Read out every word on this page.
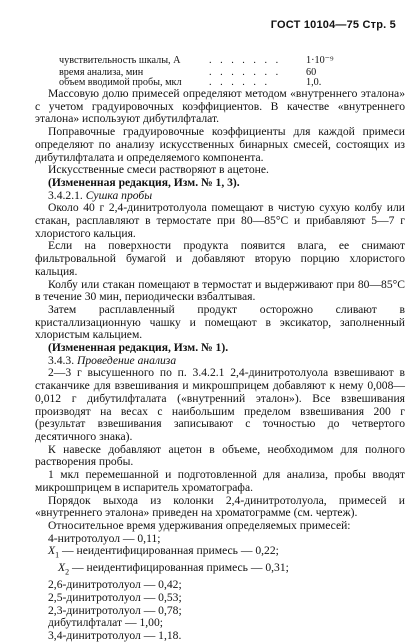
ГОСТ 10104—75 Стр. 5
чувствительность шкалы, А	. . . . . . . 1·10⁻⁹
время анализа, мин	. . . . . . . 60
объем вводимой пробы, мкл	. . . . . .	1,0.

Массовую долю примесей определяют методом «внутреннего эталона» с учетом градуировочных коэффициентов. В качестве «внутреннего эталона» используют дибутилфталат.

Поправочные градуировочные коэффициенты для каждой примеси определяют по анализу искусственных бинарных смесей, состоящих из дибутилфталата и определяемого компонента.

Искусственные смеси растворяют в ацетоне.

(Измененная редакция, Изм. № 1, 3).

3.4.2.1. Сушка пробы

Около 40 г 2,4-динитротолуола помещают в чистую сухую колбу или стакан, расплавляют в термостате при 80—85°С и прибавляют 5—7 г хлористого кальция.

Если на поверхности продукта появится влага, ее снимают фильтровальной бумагой и добавляют вторую порцию хлористого кальция.

Колбу или стакан помещают в термостат и выдерживают при 80—85°С в течение 30 мин, периодически взбалтывая.

Затем расплавленный продукт осторожно сливают в кристаллизационную чашку и помещают в эксикатор, заполненный хлористым кальцием.

(Измененная редакция, Изм. № 1).

3.4.3. Проведение анализа

2—3 г высушенного по п. 3.4.2.1 2,4-динитротолуола взвешивают в стаканчике для взвешивания и микрошприцем добавляют к нему 0,008—0,012 г дибутилфталата («внутренний эталон»). Все взвешивания производят на весах с наибольшим пределом взвешивания 200 г (результат взвешивания записывают с точностью до четвертого десятичного знака).

К навеске добавляют ацетон в объеме, необходимом для полного растворения пробы.

1 мкл перемешанной и подготовленной для анализа, пробы вводят микрошприцем в испаритель хроматографа.

Порядок выхода из колонки 2,4-динитротолуола, примесей и «внутреннего эталона» приведен на хроматограмме (см. чертеж).

Относительное время удерживания определяемых примесей:

4-нитротолуол — 0,11;
$X_1$ — неидентифицированная примесь — 0,22;
$X_2$ — неидентифицированная примесь — 0,31;
2,6-динитротолуол — 0,42;
2,5-динитротолуол — 0,53;
2,3-динитротолуол — 0,78;
дибутилфталат — 1,00;
3,4-динитротолуол — 1,18.
